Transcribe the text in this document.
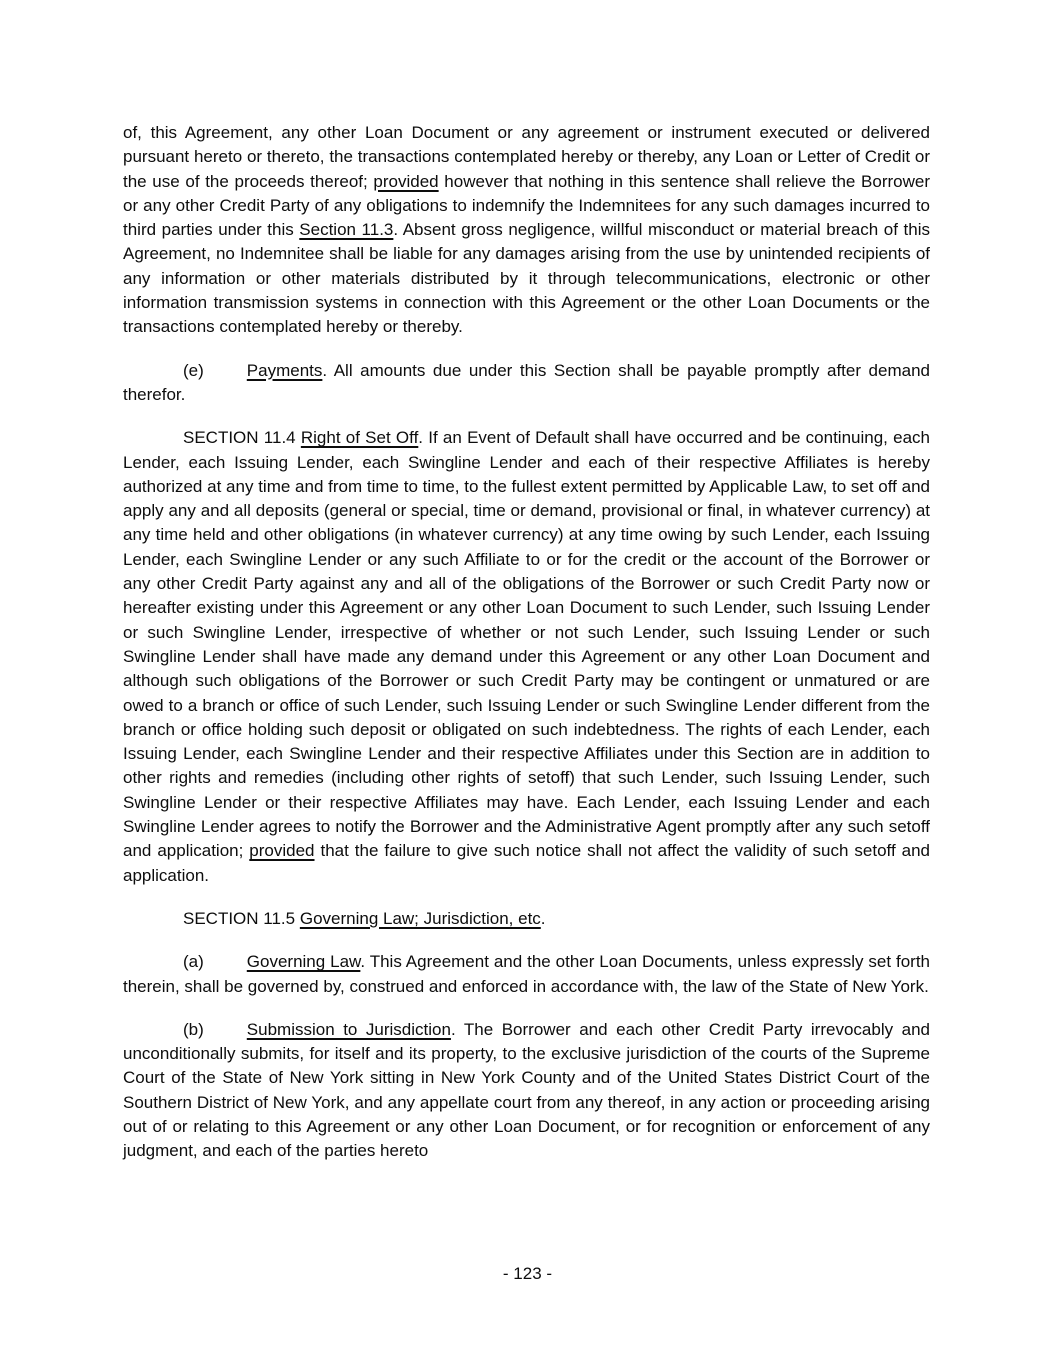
of, this Agreement, any other Loan Document or any agreement or instrument executed or delivered pursuant hereto or thereto, the transactions contemplated hereby or thereby, any Loan or Letter of Credit or the use of the proceeds thereof; provided however that nothing in this sentence shall relieve the Borrower or any other Credit Party of any obligations to indemnify the Indemnitees for any such damages incurred to third parties under this Section 11.3. Absent gross negligence, willful misconduct or material breach of this Agreement, no Indemnitee shall be liable for any damages arising from the use by unintended recipients of any information or other materials distributed by it through telecommunications, electronic or other information transmission systems in connection with this Agreement or the other Loan Documents or the transactions contemplated hereby or thereby.

(e)	Payments. All amounts due under this Section shall be payable promptly after demand therefor.

SECTION 11.4 Right of Set Off. If an Event of Default shall have occurred and be continuing, each Lender, each Issuing Lender, each Swingline Lender and each of their respective Affiliates is hereby authorized at any time and from time to time, to the fullest extent permitted by Applicable Law, to set off and apply any and all deposits (general or special, time or demand, provisional or final, in whatever currency) at any time held and other obligations (in whatever currency) at any time owing by such Lender, each Issuing Lender, each Swingline Lender or any such Affiliate to or for the credit or the account of the Borrower or any other Credit Party against any and all of the obligations of the Borrower or such Credit Party now or hereafter existing under this Agreement or any other Loan Document to such Lender, such Issuing Lender or such Swingline Lender, irrespective of whether or not such Lender, such Issuing Lender or such Swingline Lender shall have made any demand under this Agreement or any other Loan Document and although such obligations of the Borrower or such Credit Party may be contingent or unmatured or are owed to a branch or office of such Lender, such Issuing Lender or such Swingline Lender different from the branch or office holding such deposit or obligated on such indebtedness. The rights of each Lender, each Issuing Lender, each Swingline Lender and their respective Affiliates under this Section are in addition to other rights and remedies (including other rights of setoff) that such Lender, such Issuing Lender, such Swingline Lender or their respective Affiliates may have. Each Lender, each Issuing Lender and each Swingline Lender agrees to notify the Borrower and the Administrative Agent promptly after any such setoff and application; provided that the failure to give such notice shall not affect the validity of such setoff and application.

SECTION 11.5 Governing Law; Jurisdiction, etc.

(a)	Governing Law. This Agreement and the other Loan Documents, unless expressly set forth therein, shall be governed by, construed and enforced in accordance with, the law of the State of New York.

(b)	Submission to Jurisdiction. The Borrower and each other Credit Party irrevocably and unconditionally submits, for itself and its property, to the exclusive jurisdiction of the courts of the Supreme Court of the State of New York sitting in New York County and of the United States District Court of the Southern District of New York, and any appellate court from any thereof, in any action or proceeding arising out of or relating to this Agreement or any other Loan Document, or for recognition or enforcement of any judgment, and each of the parties hereto

- 123 -
